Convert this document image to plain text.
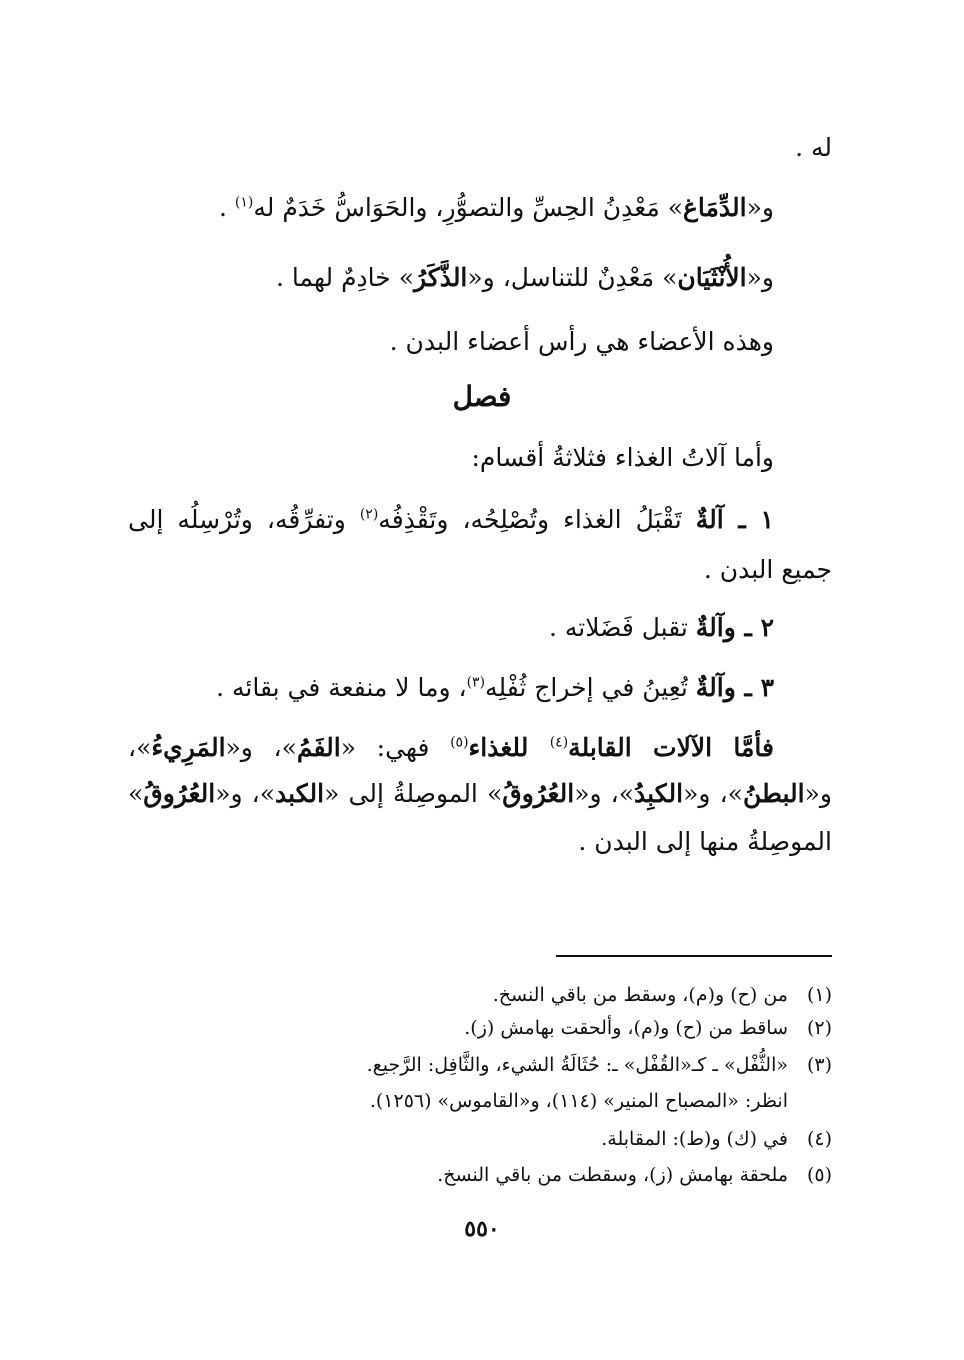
له .
و«الدِّمَاغ» مَعْدِنُ الحِسِّ والتصوُّرِ، والحَوَاسُّ خَدَمٌ له$^{(١)}$ .
و«الأُنْثَيَان» مَعْدِنٌ للتناسل، و«الذَّكَرُ» خادِمٌ لهما .
وهذه الأعضاء هي رأس أعضاء البدن .
فصل
وأما آلاتُ الغذاء فثلاثةُ أقسام:
١ ـ آلةٌ تَقْبَلُ الغذاء وتُصْلِحُه، وتَقْذِفُه$^{(٢)}$ وتفرِّقُه، وتُرْسِلُه إلى
جميع البدن .
٢ ـ وآلةٌ تقبل فَضَلاته .
٣ ـ وآلةٌ تُعِينُ في إخراج ثُفْلِه$^{(٣)}$، وما لا منفعة في بقائه .
فأمَّا الآلات القابلة$^{(٤)}$ للغذاء$^{(٥)}$ فهي: «الفَمُ»، و«المَرِيءُ»،
و«البطنُ»، و«الكبِدُ»، و«العُرُوقُ» الموصِلةُ إلى «الكبد»، و«العُرُوقُ»
الموصِلةُ منها إلى البدن .
(١)من (ح) و(م)، وسقط من باقي النسخ.
(٢)ساقط من (ح) و(م)، وألحقت بهامش (ز).
(٣)«الثُّفْل» ـ كـ«القُفْل» ـ: حُثَالَةُ الشيء، والثَّافِل: الرَّجيع.
انظر: «المصباح المنير» (١١٤)، و«القاموس» (١٢٥٦).
(٤)في (ك) و(ط): المقابلة.
(٥)ملحقة بهامش (ز)، وسقطت من باقي النسخ.
٥٥٠
